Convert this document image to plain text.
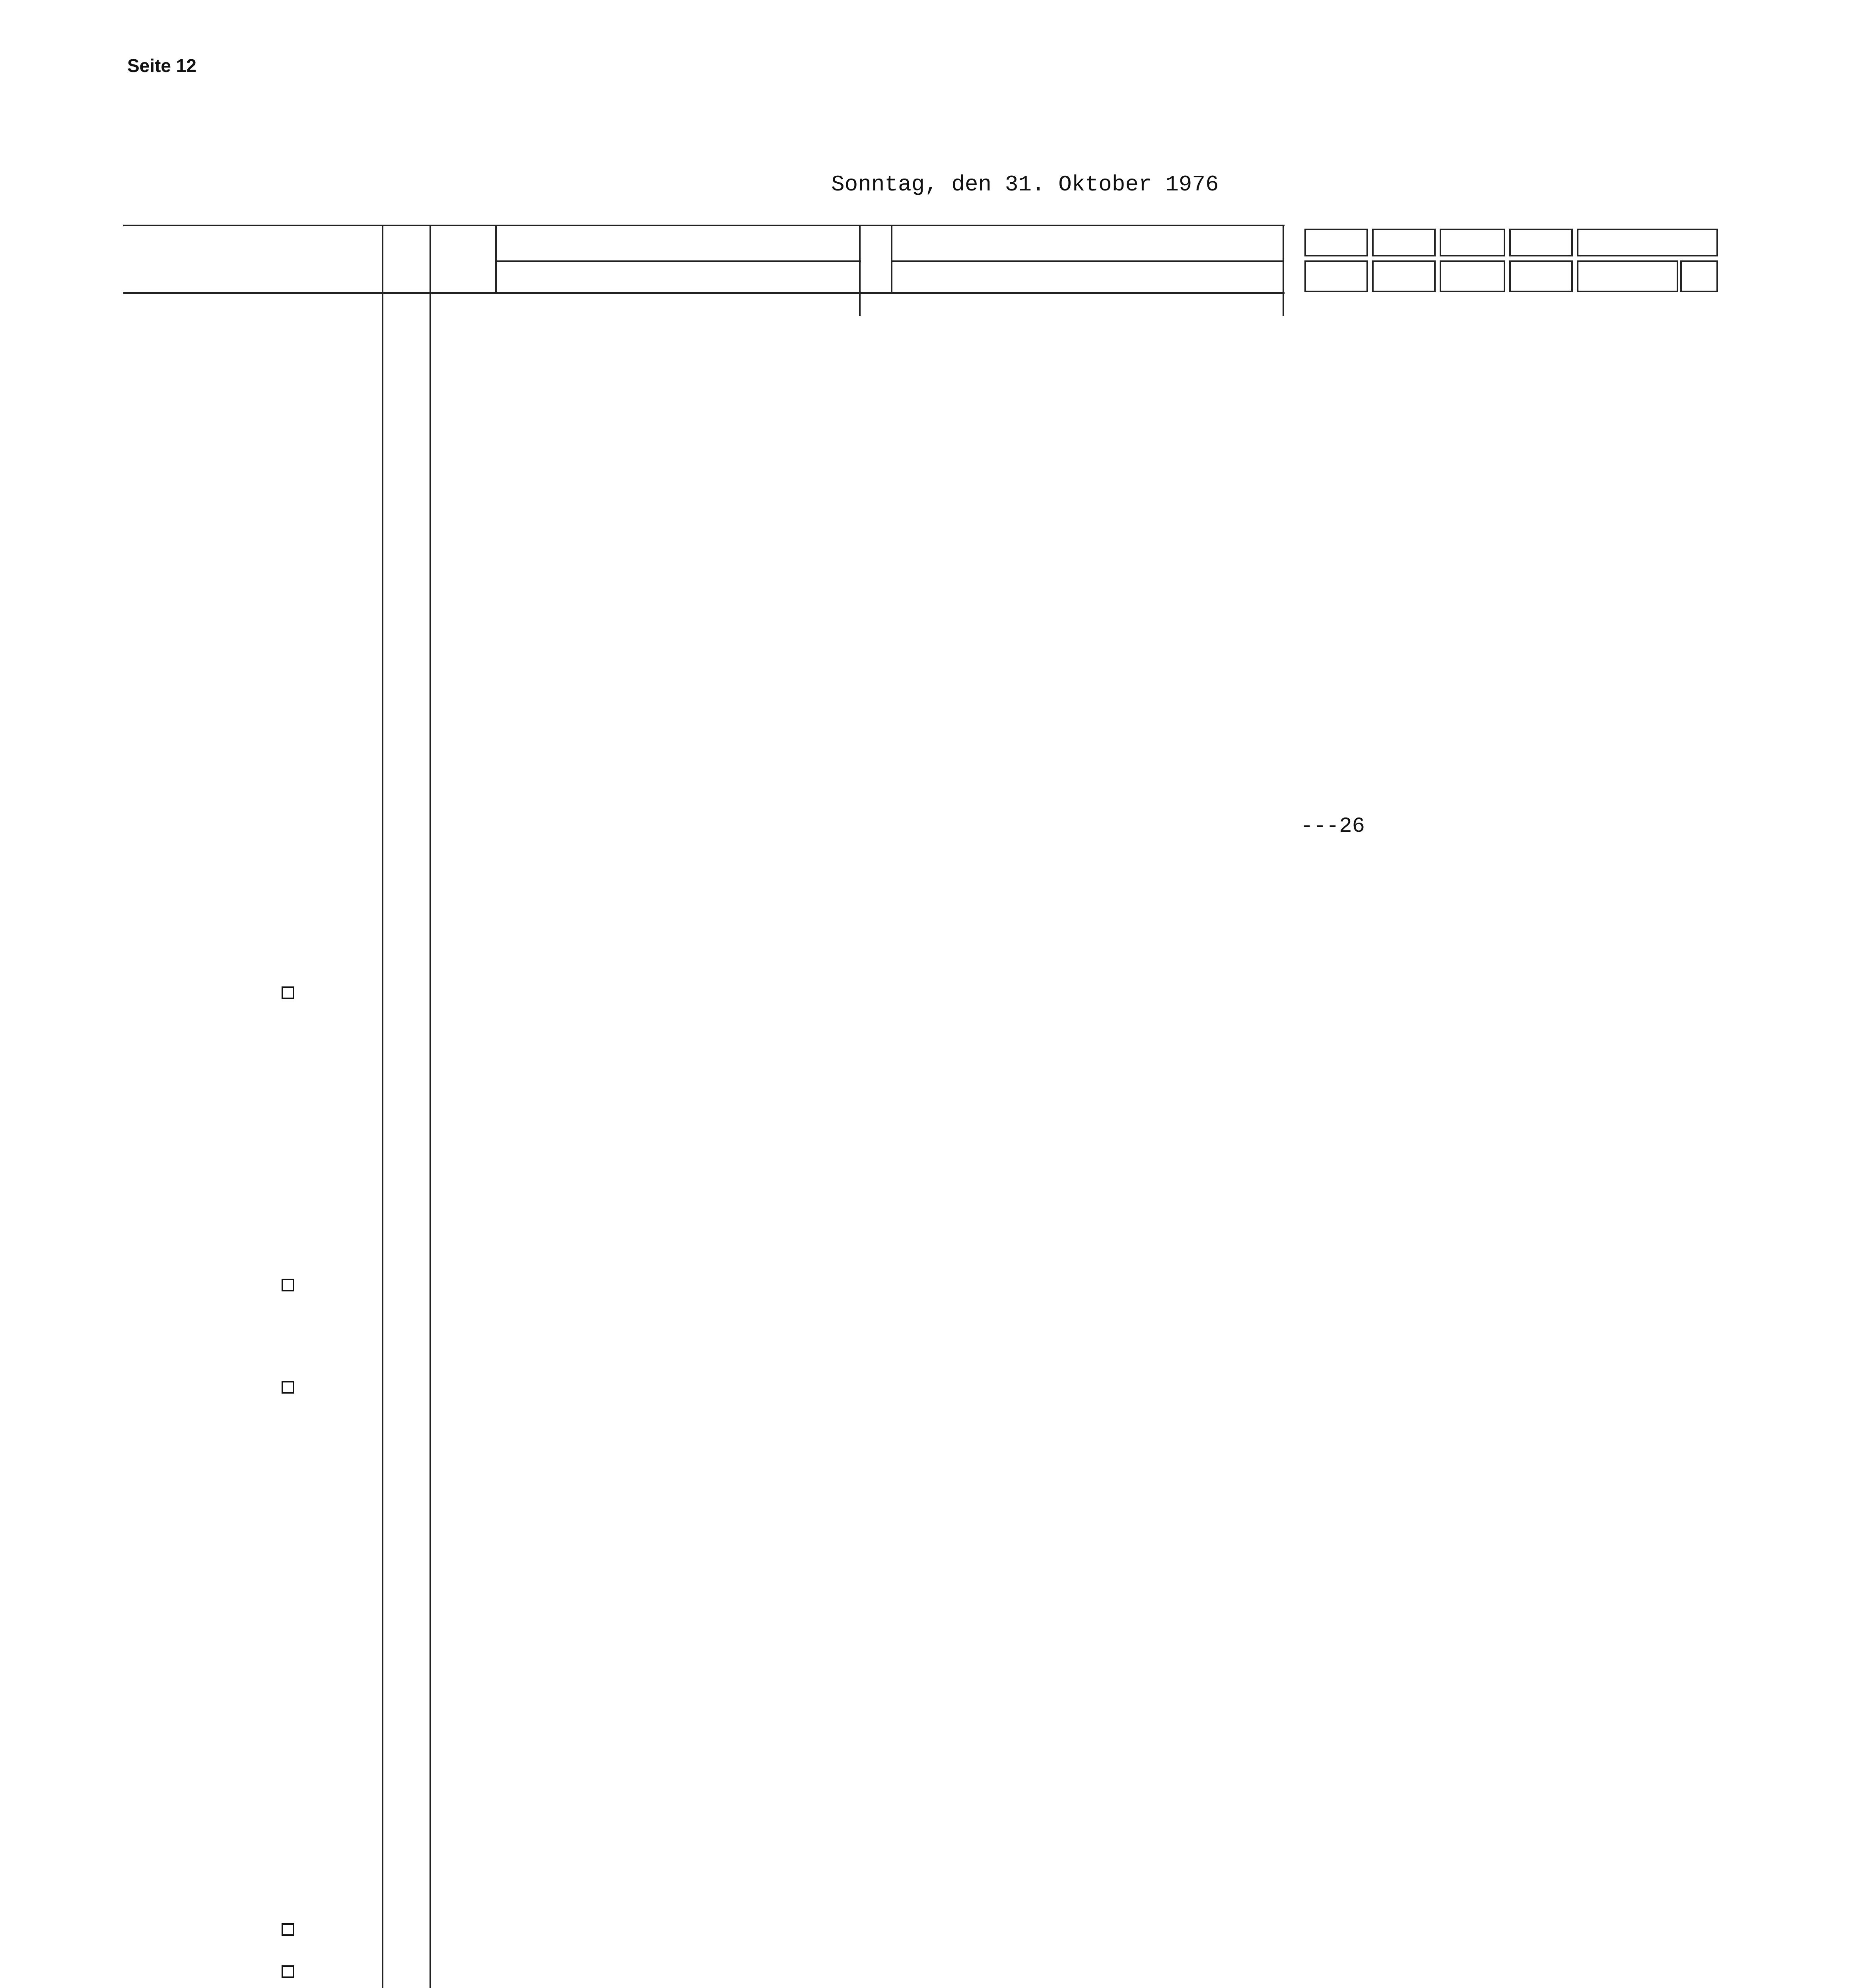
Seite 12
Sonntag, den 31. Oktober 1976
---26
